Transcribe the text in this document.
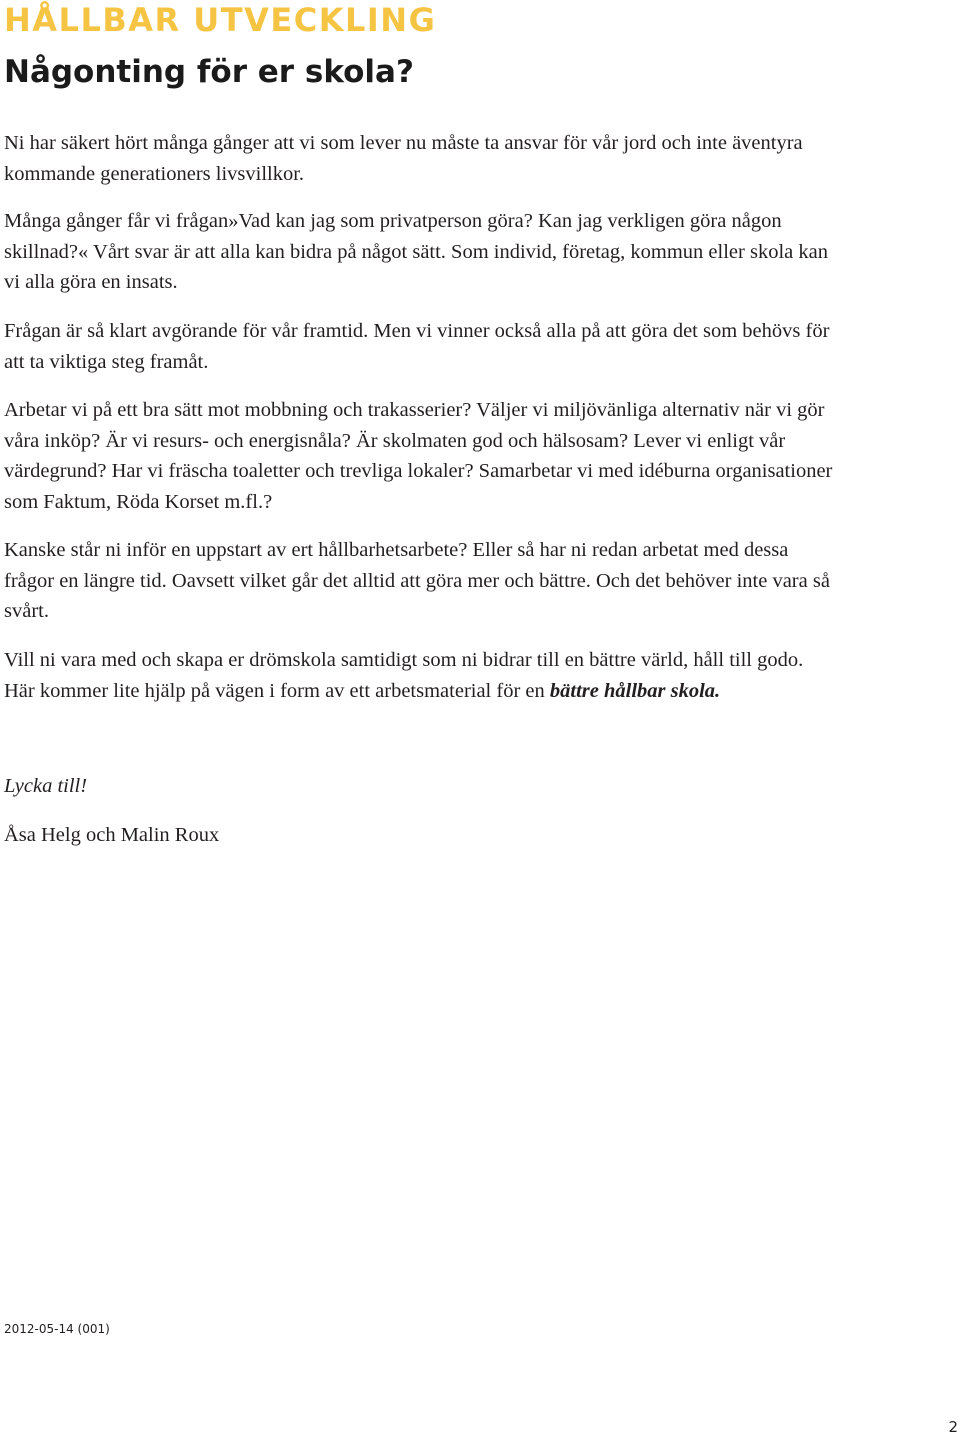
HÅLLBAR UTVECKLING
Någonting för er skola?

Ni har säkert hört många gånger att vi som lever nu måste ta ansvar för vår jord och inte äventyra kommande generationers livsvillkor.

Många gånger får vi frågan»Vad kan jag som privatperson göra? Kan jag verkligen göra någon skillnad?« Vårt svar är att alla kan bidra på något sätt. Som individ, företag, kommun eller skola kan vi alla göra en insats.

Frågan är så klart avgörande för vår framtid. Men vi vinner också alla på att göra det som behövs för att ta viktiga steg framåt.

Arbetar vi på ett bra sätt mot mobbning och trakasserier? Väljer vi miljövänliga alternativ när vi gör våra inköp? Är vi resurs- och energisnåla? Är skolmaten god och hälsosam? Lever vi enligt vår värdegrund? Har vi fräscha toaletter och trevliga lokaler? Samarbetar vi med idéburna organisationer som Faktum, Röda Korset m.fl.?

Kanske står ni inför en uppstart av ert hållbarhetsarbete? Eller så har ni redan arbetat med dessa frågor en längre tid. Oavsett vilket går det alltid att göra mer och bättre. Och det behöver inte vara så svårt.

Vill ni vara med och skapa er drömskola samtidigt som ni bidrar till en bättre värld, håll till godo. Här kommer lite hjälp på vägen i form av ett arbetsmaterial för en bättre hållbar skola.

Lycka till!

Åsa Helg och Malin Roux

2012-05-14 (001)

2
